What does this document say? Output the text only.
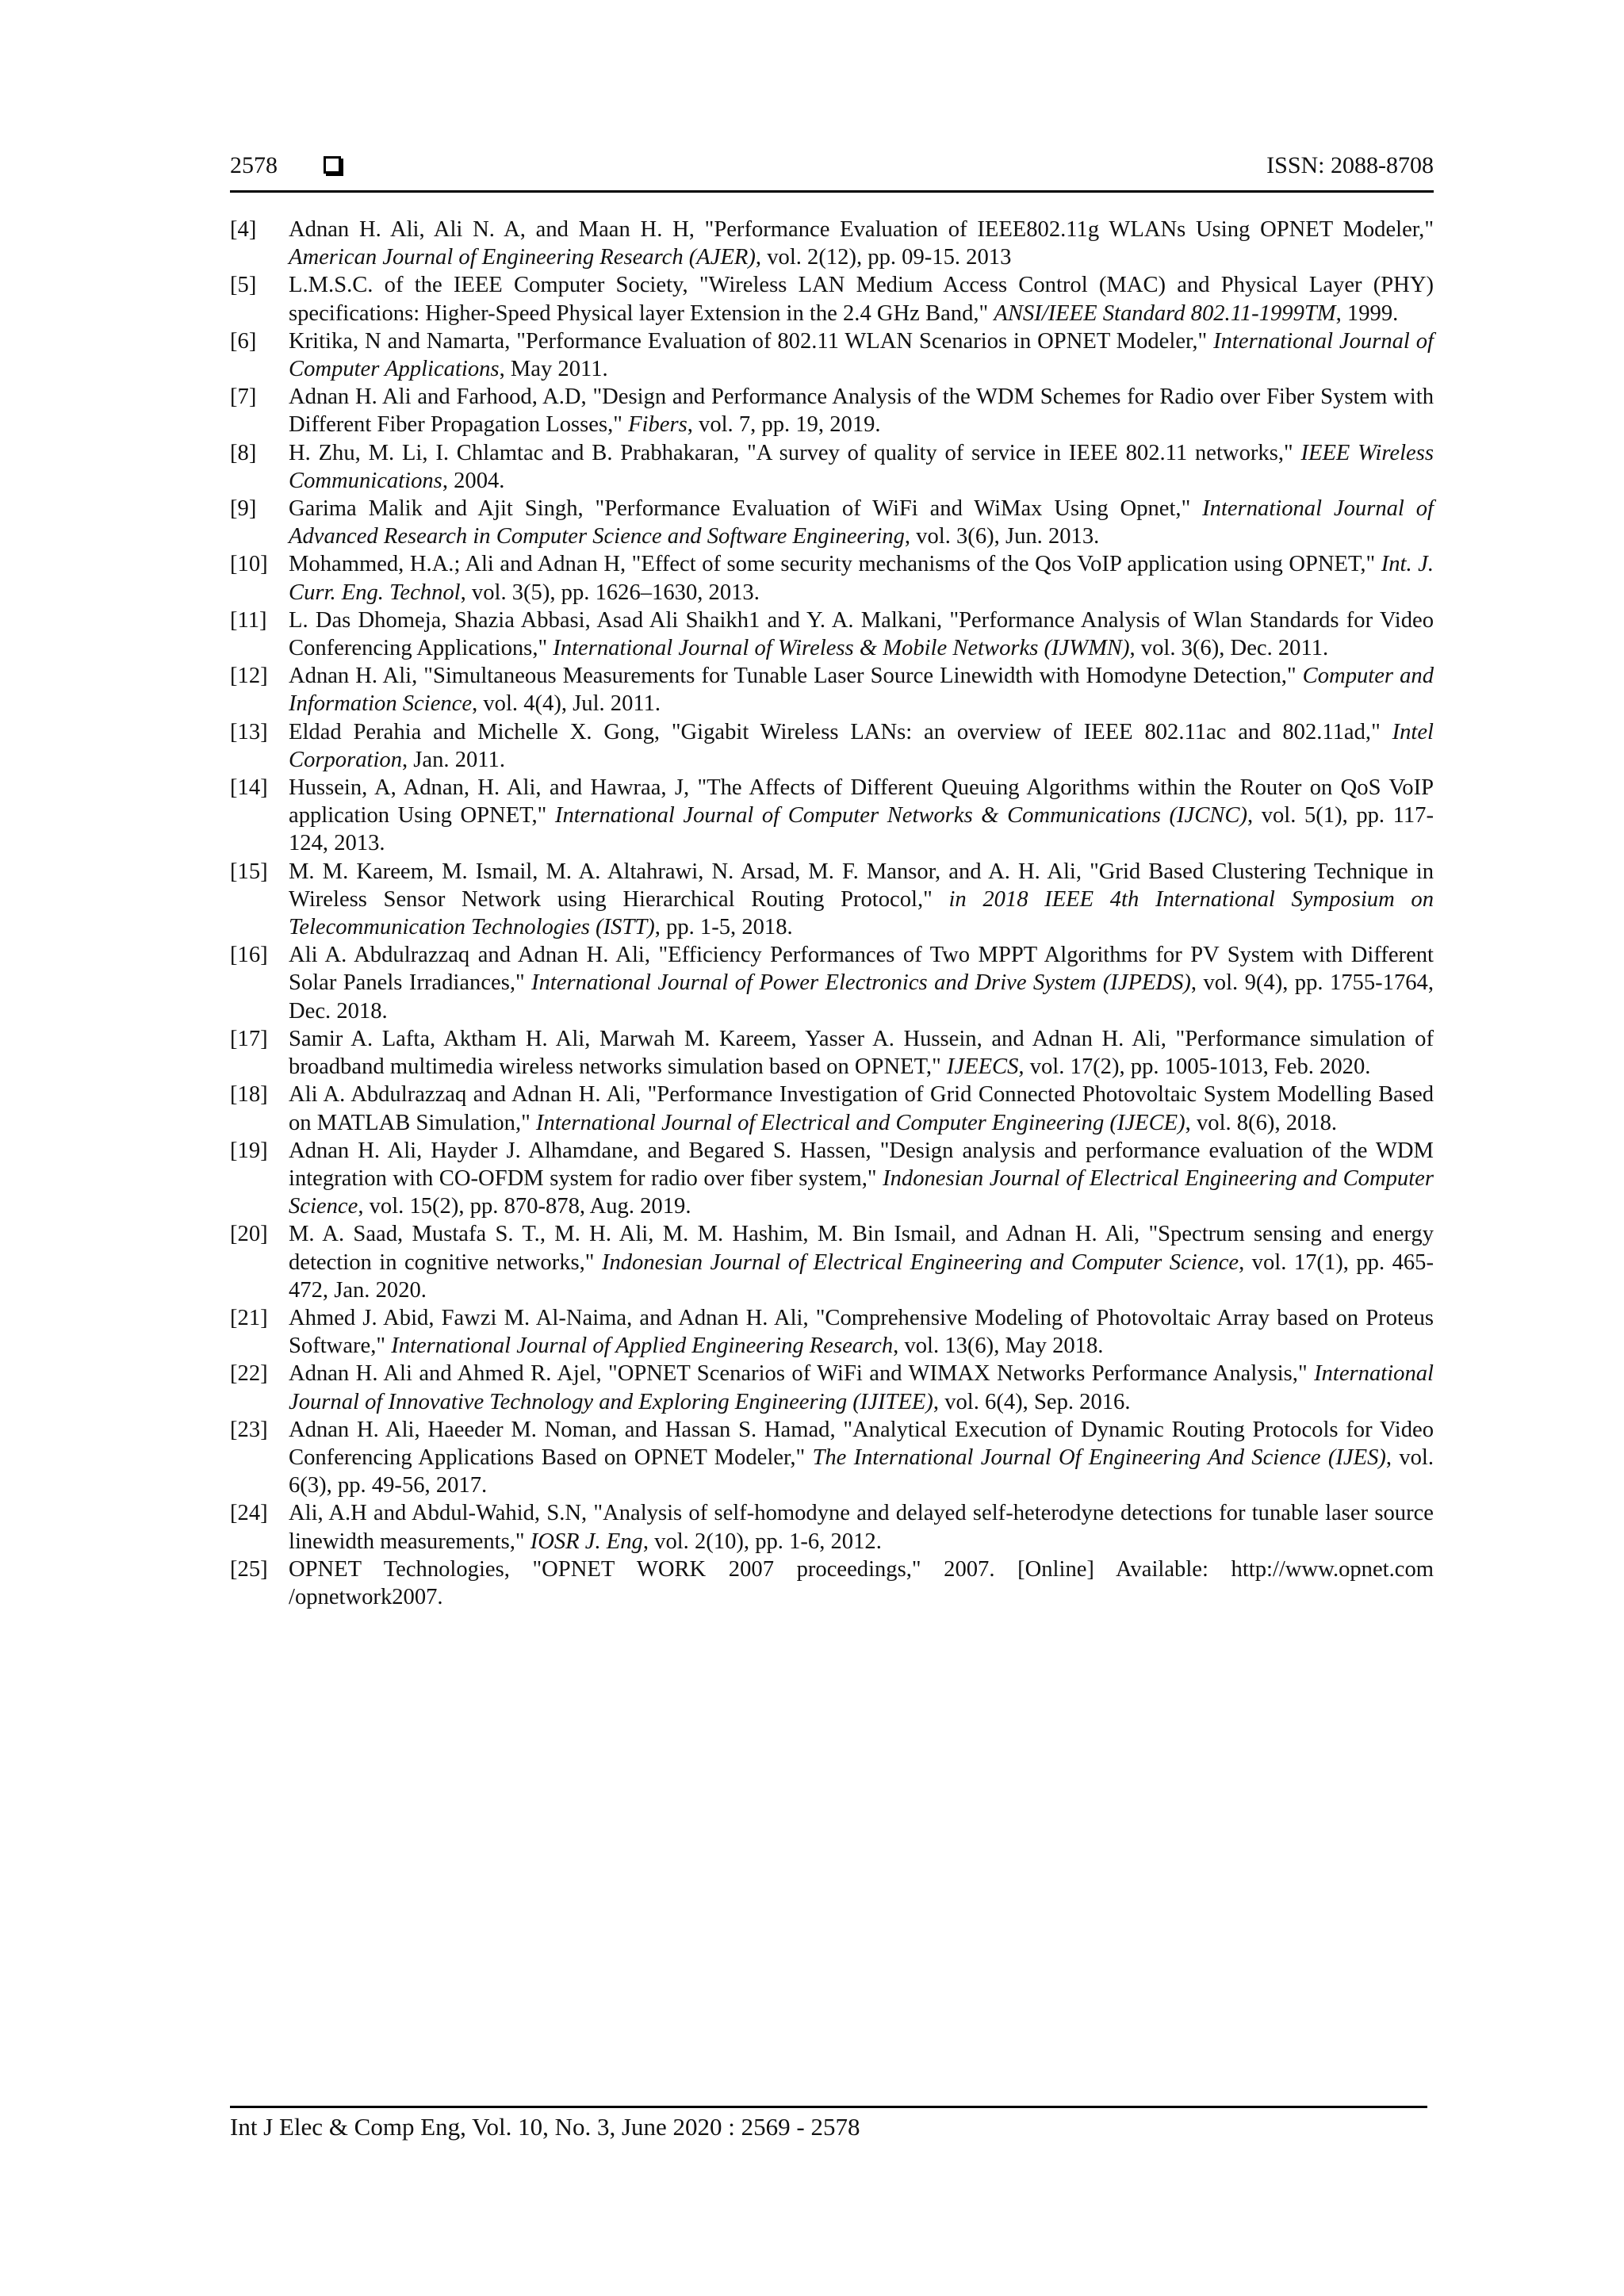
2578	ISSN: 2088-8708
[4] Adnan H. Ali, Ali N. A, and Maan H. H, "Performance Evaluation of IEEE802.11g WLANs Using OPNET Modeler," American Journal of Engineering Research (AJER), vol. 2(12), pp. 09-15. 2013
[5] L.M.S.C. of the IEEE Computer Society, "Wireless LAN Medium Access Control (MAC) and Physical Layer (PHY) specifications: Higher-Speed Physical layer Extension in the 2.4 GHz Band," ANSI/IEEE Standard 802.11-1999TM, 1999.
[6] Kritika, N and Namarta, "Performance Evaluation of 802.11 WLAN Scenarios in OPNET Modeler," International Journal of Computer Applications, May 2011.
[7] Adnan H. Ali and Farhood, A.D, "Design and Performance Analysis of the WDM Schemes for Radio over Fiber System with Different Fiber Propagation Losses," Fibers, vol. 7, pp. 19, 2019.
[8] H. Zhu, M. Li, I. Chlamtac and B. Prabhakaran, "A survey of quality of service in IEEE 802.11 networks," IEEE Wireless Communications, 2004.
[9] Garima Malik and Ajit Singh, "Performance Evaluation of WiFi and WiMax Using Opnet," International Journal of Advanced Research in Computer Science and Software Engineering, vol. 3(6), Jun. 2013.
[10] Mohammed, H.A.; Ali and Adnan H, "Effect of some security mechanisms of the Qos VoIP application using OPNET," Int. J. Curr. Eng. Technol, vol. 3(5), pp. 1626–1630, 2013.
[11] L. Das Dhomeja, Shazia Abbasi, Asad Ali Shaikh1 and Y. A. Malkani, "Performance Analysis of Wlan Standards for Video Conferencing Applications," International Journal of Wireless & Mobile Networks (IJWMN), vol. 3(6), Dec. 2011.
[12] Adnan H. Ali, "Simultaneous Measurements for Tunable Laser Source Linewidth with Homodyne Detection," Computer and Information Science, vol. 4(4), Jul. 2011.
[13] Eldad Perahia and Michelle X. Gong, "Gigabit Wireless LANs: an overview of IEEE 802.11ac and 802.11ad," Intel Corporation, Jan. 2011.
[14] Hussein, A, Adnan, H. Ali, and Hawraa, J, "The Affects of Different Queuing Algorithms within the Router on QoS VoIP application Using OPNET," International Journal of Computer Networks & Communications (IJCNC), vol. 5(1), pp. 117-124, 2013.
[15] M. M. Kareem, M. Ismail, M. A. Altahrawi, N. Arsad, M. F. Mansor, and A. H. Ali, "Grid Based Clustering Technique in Wireless Sensor Network using Hierarchical Routing Protocol," in 2018 IEEE 4th International Symposium on Telecommunication Technologies (ISTT), pp. 1-5, 2018.
[16] Ali A. Abdulrazzaq and Adnan H. Ali, "Efficiency Performances of Two MPPT Algorithms for PV System with Different Solar Panels Irradiances," International Journal of Power Electronics and Drive System (IJPEDS), vol. 9(4), pp. 1755-1764, Dec. 2018.
[17] Samir A. Lafta, Aktham H. Ali, Marwah M. Kareem, Yasser A. Hussein, and Adnan H. Ali, "Performance simulation of broadband multimedia wireless networks simulation based on OPNET," IJEECS, vol. 17(2), pp. 1005-1013, Feb. 2020.
[18] Ali A. Abdulrazzaq and Adnan H. Ali, "Performance Investigation of Grid Connected Photovoltaic System Modelling Based on MATLAB Simulation," International Journal of Electrical and Computer Engineering (IJECE), vol. 8(6), 2018.
[19] Adnan H. Ali, Hayder J. Alhamdane, and Begared S. Hassen, "Design analysis and performance evaluation of the WDM integration with CO-OFDM system for radio over fiber system," Indonesian Journal of Electrical Engineering and Computer Science, vol. 15(2), pp. 870-878, Aug. 2019.
[20] M. A. Saad, Mustafa S. T., M. H. Ali, M. M. Hashim, M. Bin Ismail, and Adnan H. Ali, "Spectrum sensing and energy detection in cognitive networks," Indonesian Journal of Electrical Engineering and Computer Science, vol. 17(1), pp. 465-472, Jan. 2020.
[21] Ahmed J. Abid, Fawzi M. Al-Naima, and Adnan H. Ali, "Comprehensive Modeling of Photovoltaic Array based on Proteus Software," International Journal of Applied Engineering Research, vol. 13(6), May 2018.
[22] Adnan H. Ali and Ahmed R. Ajel, "OPNET Scenarios of WiFi and WIMAX Networks Performance Analysis," International Journal of Innovative Technology and Exploring Engineering (IJITEE), vol. 6(4), Sep. 2016.
[23] Adnan H. Ali, Haeeder M. Noman, and Hassan S. Hamad, "Analytical Execution of Dynamic Routing Protocols for Video Conferencing Applications Based on OPNET Modeler," The International Journal Of Engineering And Science (IJES), vol. 6(3), pp. 49-56, 2017.
[24] Ali, A.H and Abdul-Wahid, S.N, "Analysis of self-homodyne and delayed self-heterodyne detections for tunable laser source linewidth measurements," IOSR J. Eng, vol. 2(10), pp. 1-6, 2012.
[25] OPNET Technologies, "OPNET WORK 2007 proceedings," 2007. [Online] Available: http://www.opnet.com /opnetwork2007.
Int J Elec & Comp Eng, Vol. 10, No. 3, June 2020 : 2569 - 2578
